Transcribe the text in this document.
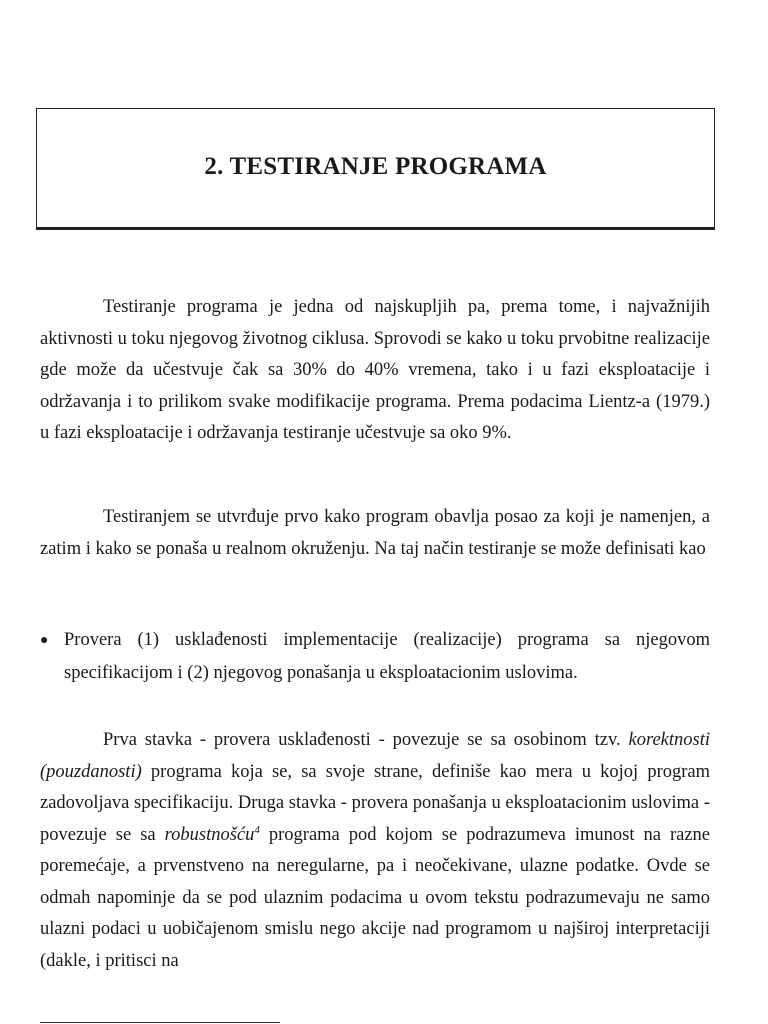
2. TESTIRANJE PROGRAMA

Testiranje programa je jedna od najskupljih pa, prema tome, i najvažnijih aktivnosti u toku njegovog životnog ciklusa. Sprovodi se kako u toku prvobitne realizacije gde može da učestvuje čak sa 30% do 40% vremena, tako i u fazi eksploatacije i održavanja i to prilikom svake modifikacije programa. Prema podacima Lientz-a (1979.) u fazi eksploatacije i održavanja testiranje učestvuje sa oko 9%.

Testiranjem se utvrđuje prvo kako program obavlja posao za koji je namenjen, a zatim i kako se ponaša u realnom okruženju. Na taj način testiranje se može definisati kao

● Provera (1) usklađenosti implementacije (realizacije) programa sa njegovom specifikacijom i (2) njegovog ponašanja u eksploatacionim uslovima.

Prva stavka - provera usklađenosti - povezuje se sa osobinom tzv. korektnosti (pouzdanosti) programa koja se, sa svoje strane, definiše kao mera u kojoj program zadovoljava specifikaciju. Druga stavka - provera ponašanja u eksploatacionim uslovima - povezuje se sa robustnošću$^4$ programa pod kojom se podrazumeva imunost na razne poremećaje, a prvenstveno na neregularne, pa i neočekivane, ulazne podatke. Ovde se odmah napominje da se pod ulaznim podacima u ovom tekstu podrazumevaju ne samo ulazni podaci u uobičajenom smislu nego akcije nad programom u najširoj interpretaciji (dakle, i pritisci na
